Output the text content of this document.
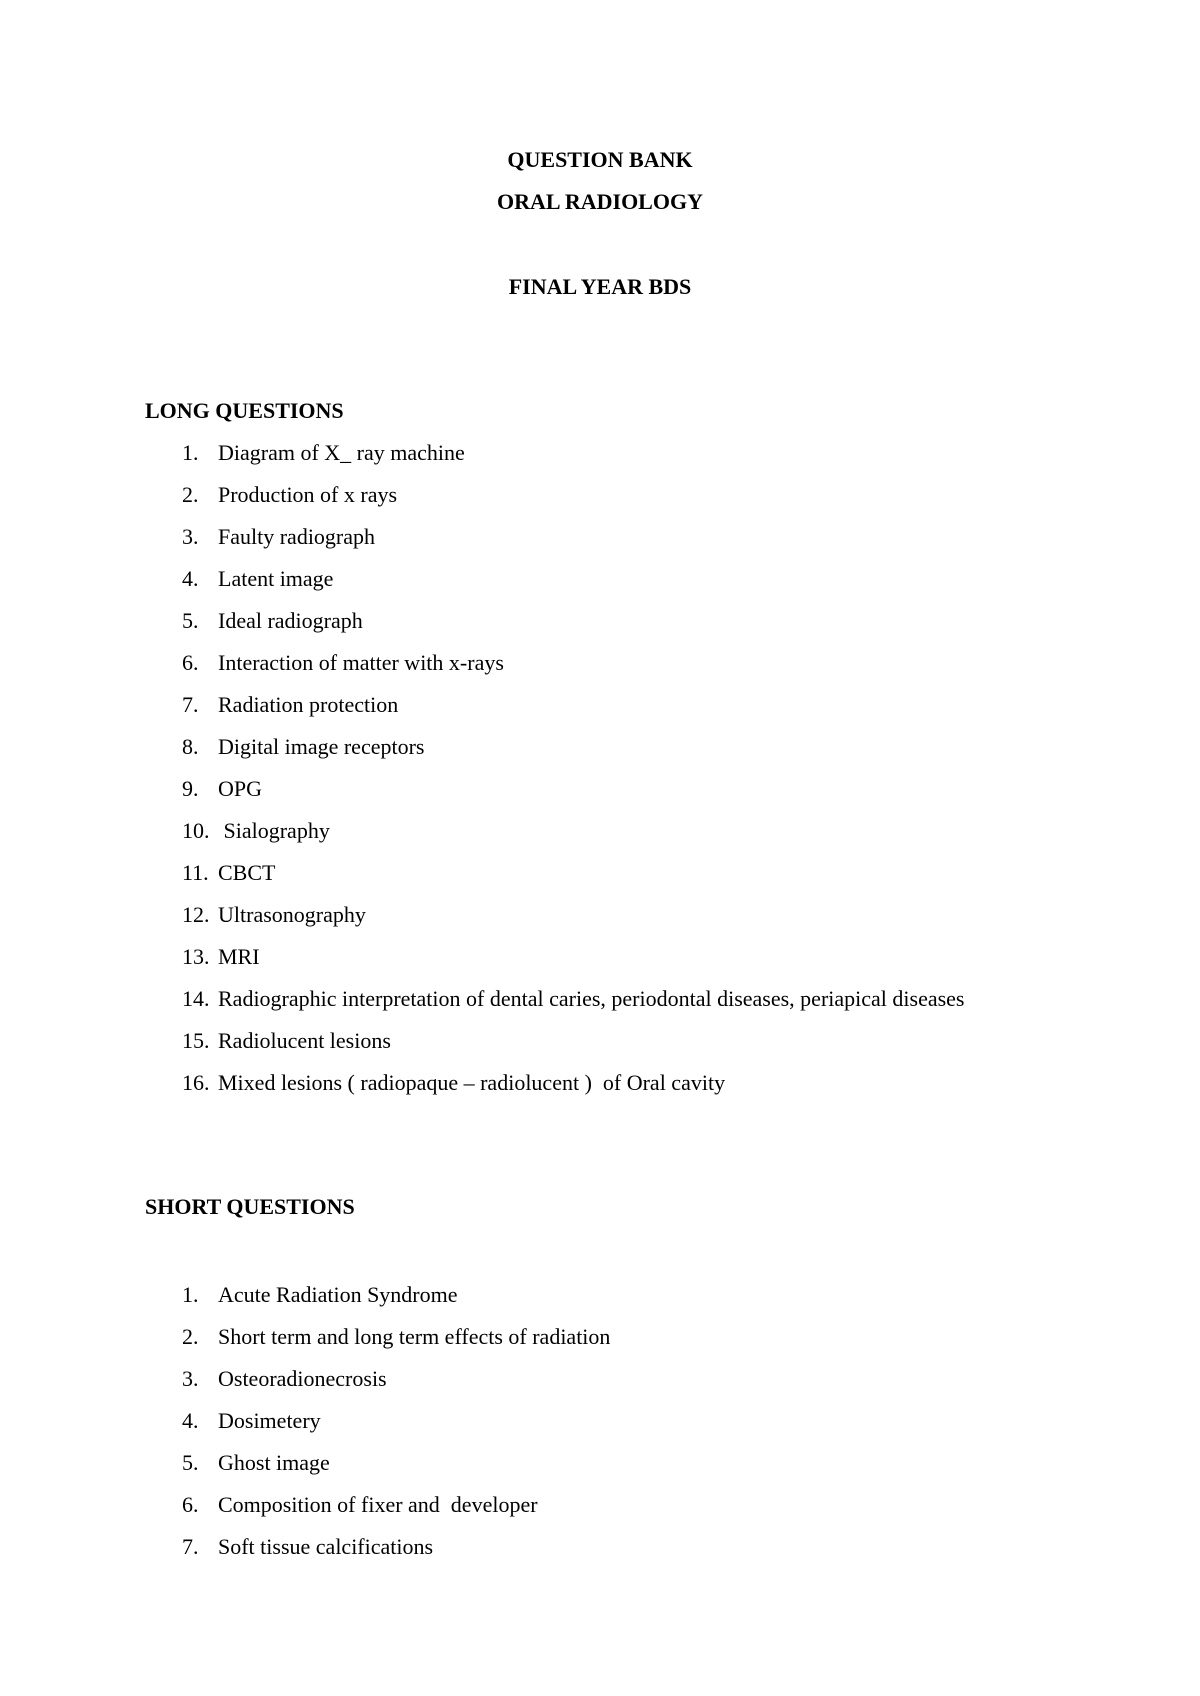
QUESTION BANK
ORAL RADIOLOGY
FINAL YEAR BDS
LONG QUESTIONS
1. Diagram of X_ ray machine
2. Production of x rays
3. Faulty radiograph
4. Latent image
5. Ideal radiograph
6. Interaction of matter with x-rays
7. Radiation protection
8. Digital image receptors
9. OPG
10. Sialography
11. CBCT
12. Ultrasonography
13. MRI
14. Radiographic interpretation of dental caries, periodontal diseases, periapical diseases
15. Radiolucent lesions
16. Mixed lesions ( radiopaque – radiolucent )  of Oral cavity
SHORT QUESTIONS
1. Acute Radiation Syndrome
2. Short term and long term effects of radiation
3. Osteoradionecrosis
4. Dosimetery
5. Ghost image
6. Composition of fixer and  developer
7. Soft tissue calcifications
